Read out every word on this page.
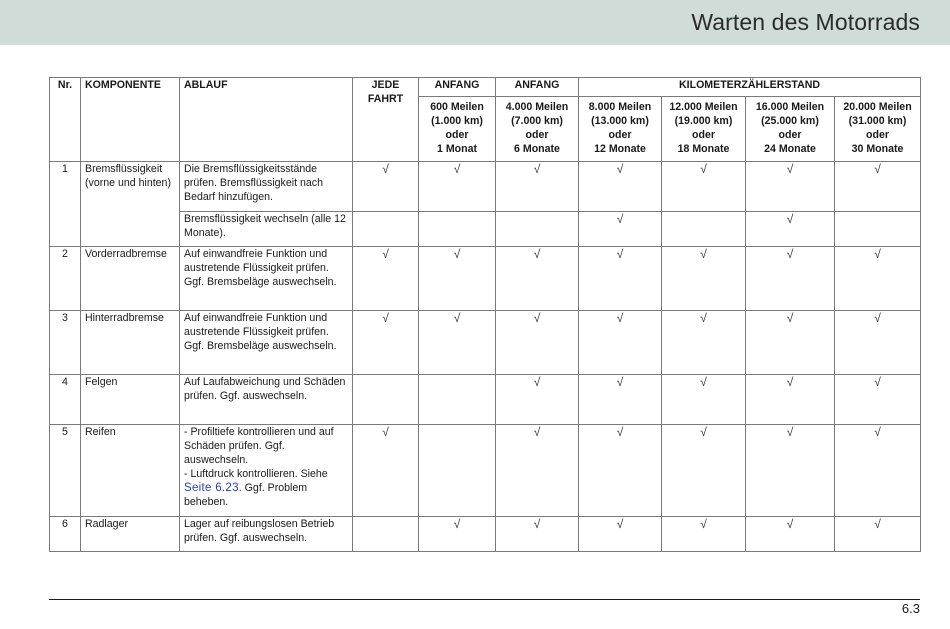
Warten des Motorrads
Nr.	KOMPONENTE	ABLAUF	JEDE FAHRT	ANFANG	ANFANG	KILOMETERZÄHLERSTAND			
				600 Meilen
(1.000 km)
oder
1 Monat	4.000 Meilen
(7.000 km)
oder
6 Monate	8.000 Meilen
(13.000 km)
oder
12 Monate	12.000 Meilen
(19.000 km)
oder
18 Monate	16.000 Meilen
(25.000 km)
oder
24 Monate	20.000 Meilen
(31.000 km)
oder
30 Monate
1	Bremsflüssigkeit (vorne und hinten)	Die Bremsflüssigkeitsstände prüfen. Bremsflüssigkeit nach Bedarf hinzufügen.	√	√	√	√	√	√	√
		Bremsflüssigkeit wechseln (alle 12 Monate).				√		√	
2	Vorderradbremse	Auf einwandfreie Funktion und austretende Flüssigkeit prüfen. Ggf. Bremsbeläge auswechseln.	√	√	√	√	√	√	√
3	Hinterradbremse	Auf einwandfreie Funktion und austretende Flüssigkeit prüfen. Ggf. Bremsbeläge auswechseln.	√	√	√	√	√	√	√
4	Felgen	Auf Laufabweichung und Schäden prüfen. Ggf. auswechseln.			√	√	√	√	√
5	Reifen	- Profiltiefe kontrollieren und auf Schäden prüfen. Ggf. auswechseln.
- Luftdruck kontrollieren. Siehe Seite 6.23. Ggf. Problem beheben.	√		√	√	√	√	√
6	Radlager	Lager auf reibungslosen Betrieb prüfen. Ggf. auswechseln.		√	√	√	√	√	√
6.3
